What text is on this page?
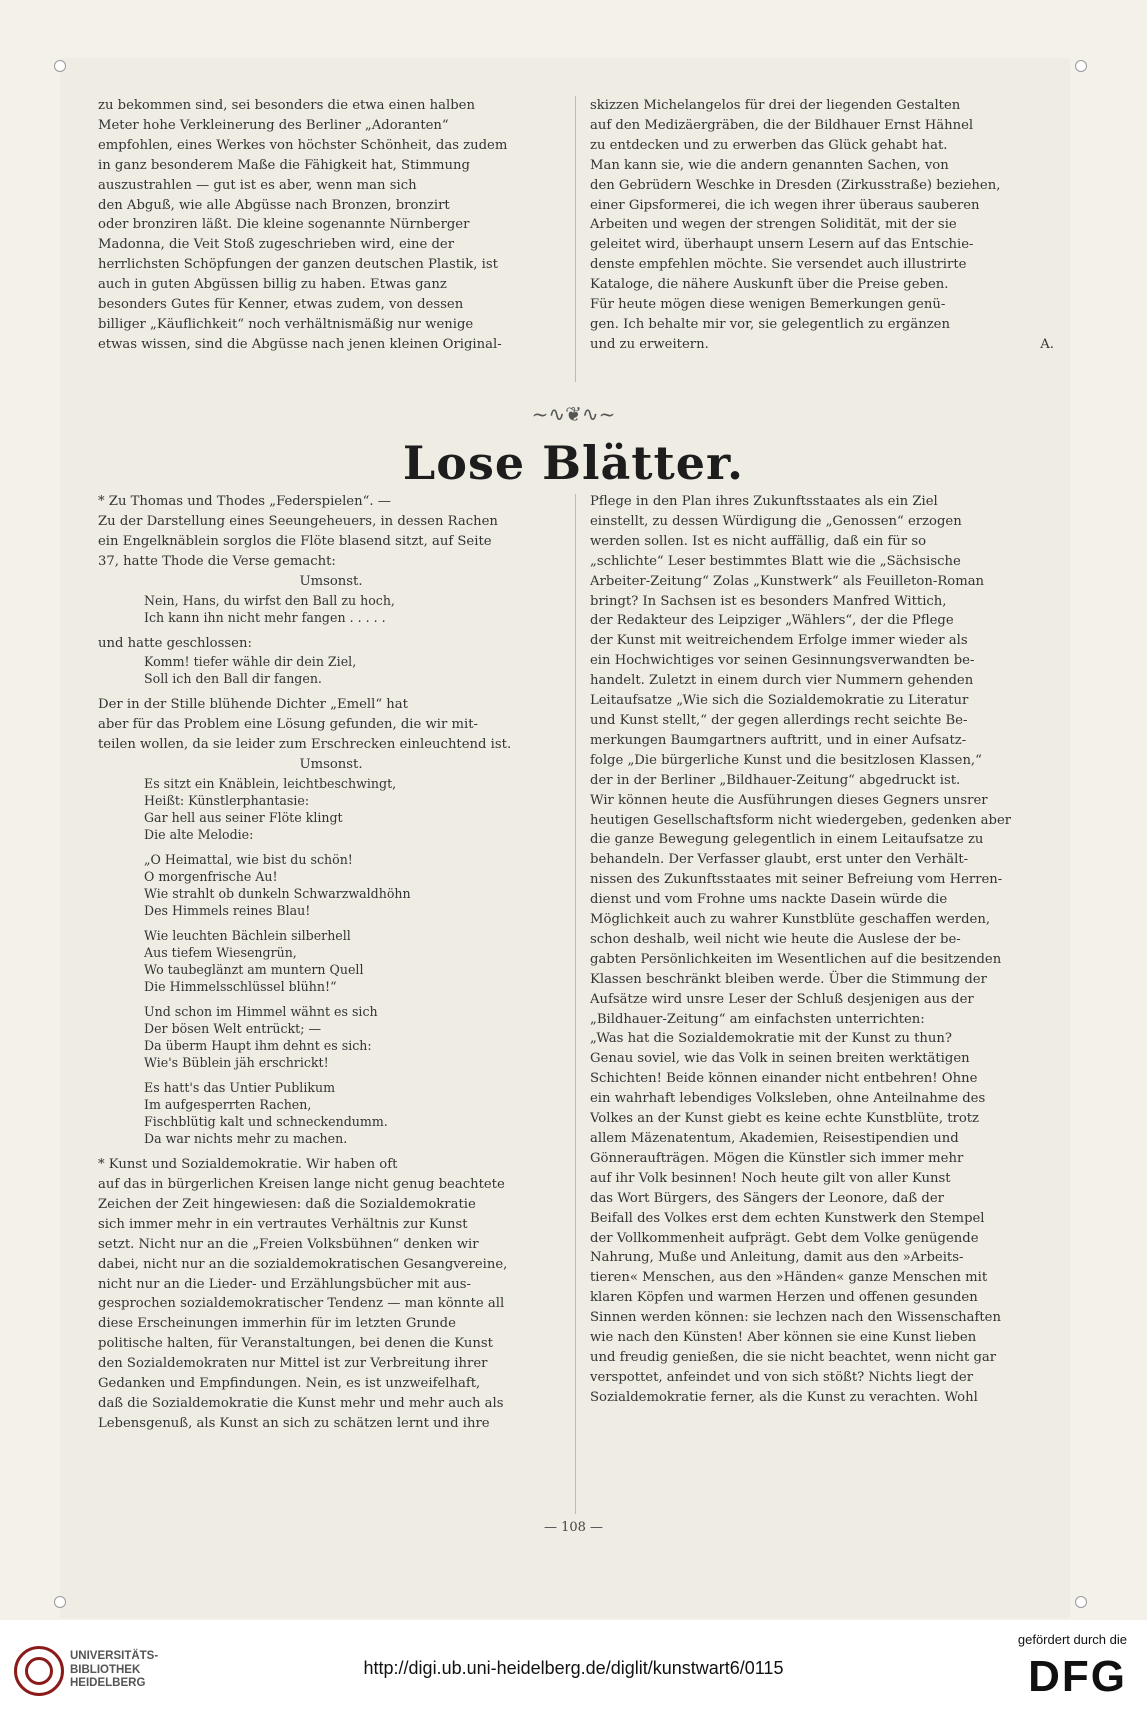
zu bekommen sind, sei besonders die etwa einen halben
Meter hohe Verkleinerung des Berliner „Adoranten“
empfohlen, eines Werkes von höchster Schönheit, das zudem
in ganz besonderem Maße die Fähigkeit hat, Stimmung
auszustrahlen — gut ist es aber, wenn man sich
den Abguß, wie alle Abgüsse nach Bronzen, bronzirt
oder bronziren läßt. Die kleine sogenannte Nürnberger
Madonna, die Veit Stoß zugeschrieben wird, eine der
herrlichsten Schöpfungen der ganzen deutschen Plastik, ist
auch in guten Abgüssen billig zu haben. Etwas ganz
besonders Gutes für Kenner, etwas zudem, von dessen
billiger „Käuflichkeit“ noch verhältnismäßig nur wenige
etwas wissen, sind die Abgüsse nach jenen kleinen Original-
skizzen Michelangelos für drei der liegenden Gestalten
auf den Medizäergräben, die der Bildhauer Ernst Hähnel
zu entdecken und zu erwerben das Glück gehabt hat.
Man kann sie, wie die andern genannten Sachen, von
den Gebrüdern Weschke in Dresden (Zirkusstraße) beziehen,
einer Gipsformerei, die ich wegen ihrer überaus sauberen
Arbeiten und wegen der strengen Solidität, mit der sie
geleitet wird, überhaupt unsern Lesern auf das Entschie-
denste empfehlen möchte. Sie versendet auch illustrirte
Kataloge, die nähere Auskunft über die Preise geben.
Für heute mögen diese wenigen Bemerkungen genü-
gen. Ich behalte mir vor, sie gelegentlich zu ergänzen
und zu erweitern.	A.
~∿❦∿~
Lose Blätter.
* Zu Thomas und Thodes „Federspielen“. —
Zu der Darstellung eines Seeungeheuers, in dessen Rachen
ein Engelknäblein sorglos die Flöte blasend sitzt, auf Seite
37, hatte Thode die Verse gemacht:
Umsonst.
Nein, Hans, du wirfst den Ball zu hoch,
Ich kann ihn nicht mehr fangen . . . . .
und hatte geschlossen:
Komm! tiefer wähle dir dein Ziel,
Soll ich den Ball dir fangen.
Der in der Stille blühende Dichter „Emell“ hat
aber für das Problem eine Lösung gefunden, die wir mit-
teilen wollen, da sie leider zum Erschrecken einleuchtend ist.
Umsonst.
Es sitzt ein Knäblein, leichtbeschwingt,
Heißt: Künstlerphantasie:
Gar hell aus seiner Flöte klingt
Die alte Melodie:
„O Heimattal, wie bist du schön!
O morgenfrische Au!
Wie strahlt ob dunkeln Schwarzwaldhöhn
Des Himmels reines Blau!
Wie leuchten Bächlein silberhell
Aus tiefem Wiesengrün,
Wo taubeglänzt am muntern Quell
Die Himmelsschlüssel blühn!“
Und schon im Himmel wähnt es sich
Der bösen Welt entrückt; —
Da überm Haupt ihm dehnt es sich:
Wie's Büblein jäh erschrickt!
Es hatt's das Untier Publikum
Im aufgesperrten Rachen,
Fischblütig kalt und schneckendumm.
Da war nichts mehr zu machen.
* Kunst und Sozialdemokratie. Wir haben oft
auf das in bürgerlichen Kreisen lange nicht genug beachtete
Zeichen der Zeit hingewiesen: daß die Sozialdemokratie
sich immer mehr in ein vertrautes Verhältnis zur Kunst
setzt. Nicht nur an die „Freien Volksbühnen“ denken wir
dabei, nicht nur an die sozialdemokratischen Gesangvereine,
nicht nur an die Lieder- und Erzählungsbücher mit aus-
gesprochen sozialdemokratischer Tendenz — man könnte all
diese Erscheinungen immerhin für im letzten Grunde
politische halten, für Veranstaltungen, bei denen die Kunst
den Sozialdemokraten nur Mittel ist zur Verbreitung ihrer
Gedanken und Empfindungen. Nein, es ist unzweifelhaft,
daß die Sozialdemokratie die Kunst mehr und mehr auch als
Lebensgenuß, als Kunst an sich zu schätzen lernt und ihre
Pflege in den Plan ihres Zukunftsstaates als ein Ziel
einstellt, zu dessen Würdigung die „Genossen“ erzogen
werden sollen. Ist es nicht auffällig, daß ein für so
„schlichte“ Leser bestimmtes Blatt wie die „Sächsische
Arbeiter-Zeitung“ Zolas „Kunstwerk“ als Feuilleton-Roman
bringt? In Sachsen ist es besonders Manfred Wittich,
der Redakteur des Leipziger „Wählers“, der die Pflege
der Kunst mit weitreichendem Erfolge immer wieder als
ein Hochwichtiges vor seinen Gesinnungsverwandten be-
handelt. Zuletzt in einem durch vier Nummern gehenden
Leitaufsatze „Wie sich die Sozialdemokratie zu Literatur
und Kunst stellt,“ der gegen allerdings recht seichte Be-
merkungen Baumgartners auftritt, und in einer Aufsatz-
folge „Die bürgerliche Kunst und die besitzlosen Klassen,“
der in der Berliner „Bildhauer-Zeitung“ abgedruckt ist.
Wir können heute die Ausführungen dieses Gegners unsrer
heutigen Gesellschaftsform nicht wiedergeben, gedenken aber
die ganze Bewegung gelegentlich in einem Leitaufsatze zu
behandeln. Der Verfasser glaubt, erst unter den Verhält-
nissen des Zukunftsstaates mit seiner Befreiung vom Herren-
dienst und vom Frohne ums nackte Dasein würde die
Möglichkeit auch zu wahrer Kunstblüte geschaffen werden,
schon deshalb, weil nicht wie heute die Auslese der be-
gabten Persönlichkeiten im Wesentlichen auf die besitzenden
Klassen beschränkt bleiben werde. Über die Stimmung der
Aufsätze wird unsre Leser der Schluß desjenigen aus der
„Bildhauer-Zeitung“ am einfachsten unterrichten:
„Was hat die Sozialdemokratie mit der Kunst zu thun?
Genau soviel, wie das Volk in seinen breiten werktätigen
Schichten! Beide können einander nicht entbehren! Ohne
ein wahrhaft lebendiges Volksleben, ohne Anteilnahme des
Volkes an der Kunst giebt es keine echte Kunstblüte, trotz
allem Mäzenatentum, Akademien, Reisestipendien und
Gönneraufträgen. Mögen die Künstler sich immer mehr
auf ihr Volk besinnen! Noch heute gilt von aller Kunst
das Wort Bürgers, des Sängers der Leonore, daß der
Beifall des Volkes erst dem echten Kunstwerk den Stempel
der Vollkommenheit aufprägt. Gebt dem Volke genügende
Nahrung, Muße und Anleitung, damit aus den »Arbeits-
tieren« Menschen, aus den »Händen« ganze Menschen mit
klaren Köpfen und warmen Herzen und offenen gesunden
Sinnen werden können: sie lechzen nach den Wissenschaften
wie nach den Künsten! Aber können sie eine Kunst lieben
und freudig genießen, die sie nicht beachtet, wenn nicht gar
verspottet, anfeindet und von sich stößt? Nichts liegt der
Sozialdemokratie ferner, als die Kunst zu verachten. Wohl
— 108 —
UNIVERSITÄTS-
BIBLIOTHEK
HEIDELBERG
http://digi.ub.uni-heidelberg.de/diglit/kunstwart6/0115
gefördert durch die
DFG
